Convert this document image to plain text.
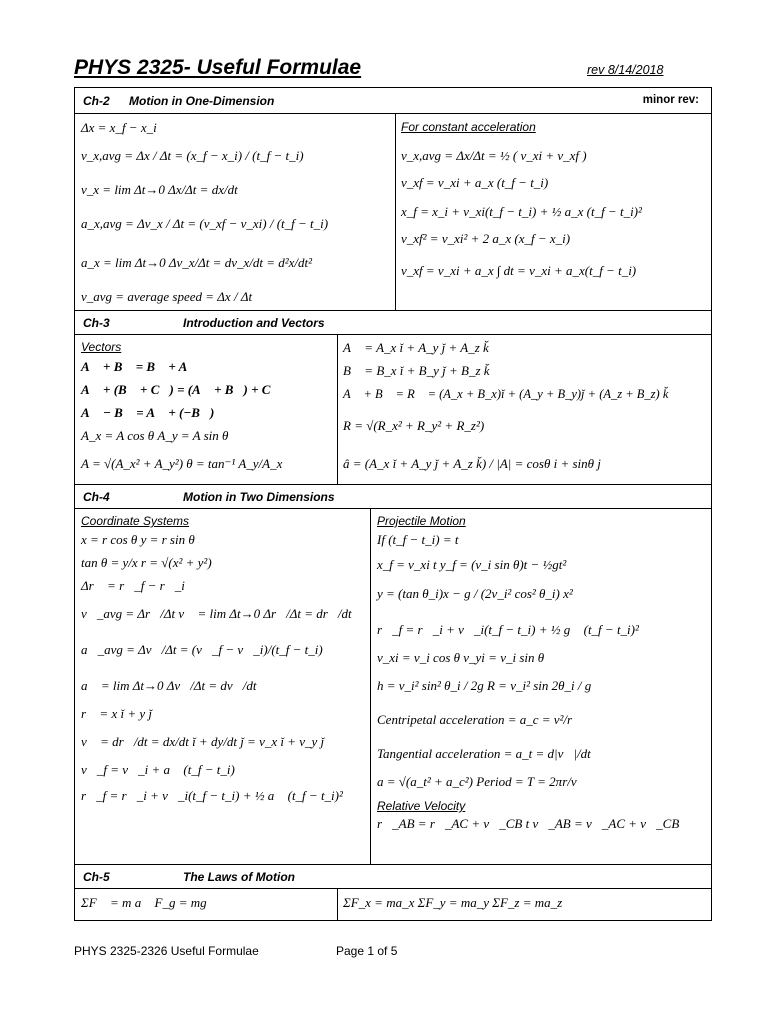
PHYS 2325- Useful Formulae	rev 8/14/2018
Ch-2 Motion in One-Dimension	minor rev:
Δx = x_f − x_i
v_x,avg = Δx / Δt = (x_f − x_i) / (t_f − t_i)
v_x = lim Δt→0 Δx/Δt = dx/dt
a_x,avg = Δv_x / Δt = (v_xf − v_xi) / (t_f − t_i)
a_x = lim Δt→0 Δv_x/Δt = dv_x/dt = d²x/dt²
v_avg = average speed = Δx / Δt
For constant acceleration
v_x,avg = Δx/Δt = ½ ( v_xi + v_xf )
v_xf = v_xi + a_x (t_f − t_i)
x_f = x_i + v_xi(t_f − t_i) + ½ a_x (t_f − t_i)²
v_xf² = v_xi² + 2 a_x (x_f − x_i)
v_xf = v_xi + a_x ∫ dt = v_xi + a_x(t_f − t_i)
Ch-3	Introduction and Vectors
Vectors
A⃗ + B⃗ = B⃗ + A⃗
A⃗ + (B⃗ + C⃗) = (A⃗ + B⃗) + C⃗
A⃗ − B⃗ = A⃗ + (−B⃗)
A_x = A cos θ A_y = A sin θ
A = √(A_x² + A_y²) θ = tan⁻¹ A_y/A_x
A⃗ = A_x ǐ + A_y ǰ + A_z k̆
B⃗ = B_x ǐ + B_y ǰ + B_z k̆
A⃗ + B⃗ = R⃗ = (A_x + B_x)ǐ + (A_y + B_y)ǰ + (A_z + B_z) k̆
R = √(R_x² + R_y² + R_z²)
â = (A_x ǐ + A_y ǰ + A_z k̆) / |A| = cosθ i + sinθ j
Ch-4	Motion in Two Dimensions
Coordinate Systems
x = r cos θ y = r sin θ
tan θ = y/x r = √(x² + y²)
Δr⃗ = r⃗_f − r⃗_i
v⃗_avg = Δr⃗/Δt v⃗ = lim Δt→0 Δr⃗/Δt = dr⃗/dt
a⃗_avg = Δv⃗/Δt = (v⃗_f − v⃗_i)/(t_f − t_i)
a⃗ = lim Δt→0 Δv⃗/Δt = dv⃗/dt
r⃗ = x ǐ + y ǰ
v⃗ = dr⃗/dt = dx/dt ǐ + dy/dt ǰ = v_x ǐ + v_y ǰ
v⃗_f = v⃗_i + a⃗ (t_f − t_i)
r⃗_f = r⃗_i + v⃗_i(t_f − t_i) + ½ a⃗ (t_f − t_i)²
Projectile Motion
If (t_f − t_i) = t
x_f = v_xi t y_f = (v_i sin θ)t − ½gt²
y = (tan θ_i)x − g / (2v_i² cos² θ_i) x²
r⃗_f = r⃗_i + v⃗_i(t_f − t_i) + ½ g⃗ (t_f − t_i)²
v_xi = v_i cos θ v_yi = v_i sin θ
h = v_i² sin² θ_i / 2g R = v_i² sin 2θ_i / g
Centripetal acceleration = a_c = v²/r
Tangential acceleration = a_t = d|v⃗|/dt
a = √(a_t² + a_c²) Period = T = 2πr/v
Relative Velocity
r⃗_AB = r⃗_AC + v⃗_CB t v⃗_AB = v⃗_AC + v⃗_CB
Ch-5	The Laws of Motion
ΣF⃗ = m a⃗ F_g = mg	ΣF_x = ma_x ΣF_y = ma_y ΣF_z = ma_z
PHYS 2325-2326 Useful Formulae	Page 1 of 5
